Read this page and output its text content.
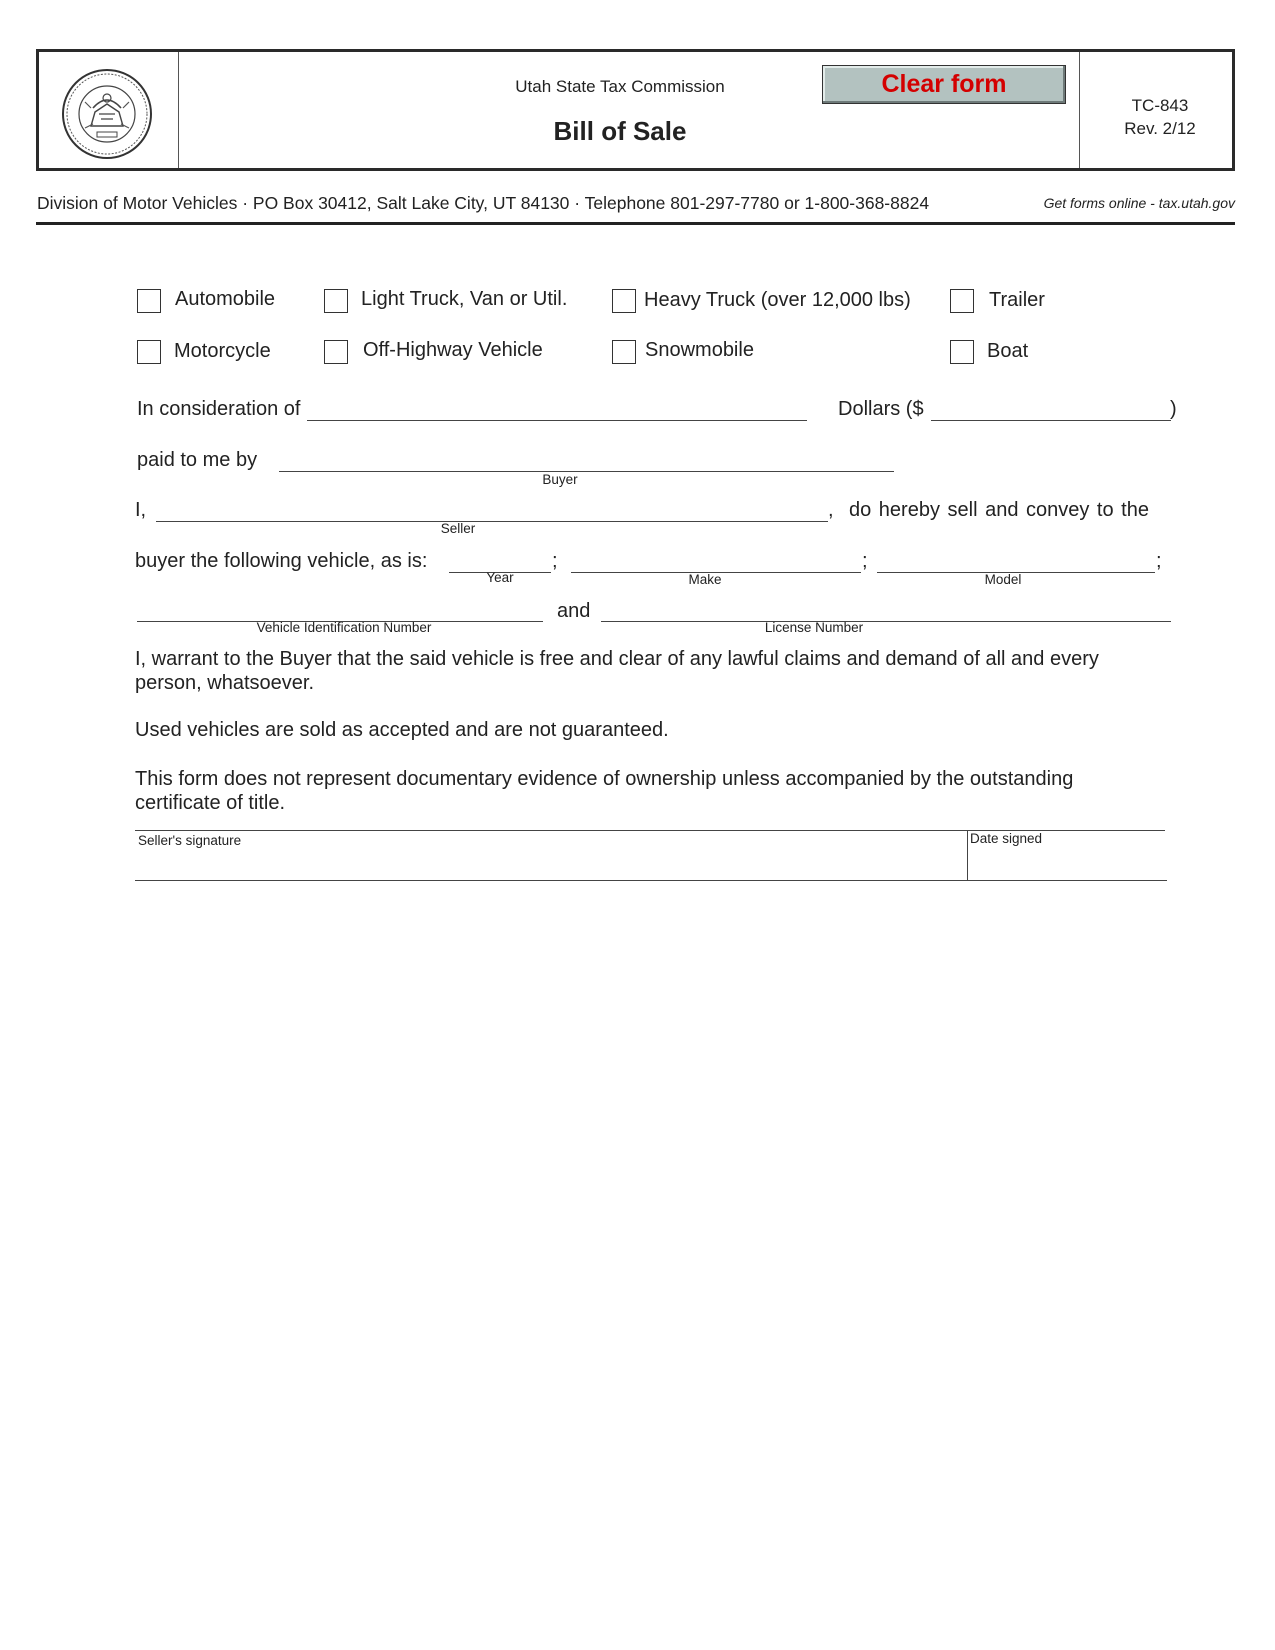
Utah State Tax Commission
Bill of Sale
Clear form
TC-843
Rev. 2/12
Division of Motor Vehicles · PO Box 30412, Salt Lake City, UT 84130 · Telephone 801-297-7780 or 1-800-368-8824	Get forms online - tax.utah.gov
Automobile	Light Truck, Van or Util.	Heavy Truck (over 12,000 lbs)	Trailer
Motorcycle	Off-Highway Vehicle	Snowmobile	Boat
In consideration of	Dollars ($	)
paid to me by
Buyer
I,	, do hereby sell and convey to the
Seller
buyer the following vehicle, as is:	;	;	;
Year	Make	Model
and
Vehicle Identification Number	License Number
I, warrant to the Buyer that the said vehicle is free and clear of any lawful claims and demand of all and every person, whatsoever.
Used vehicles are sold as accepted and are not guaranteed.
This form does not represent documentary evidence of ownership unless accompanied by the outstanding certificate of title.
Seller's signature	Date signed
